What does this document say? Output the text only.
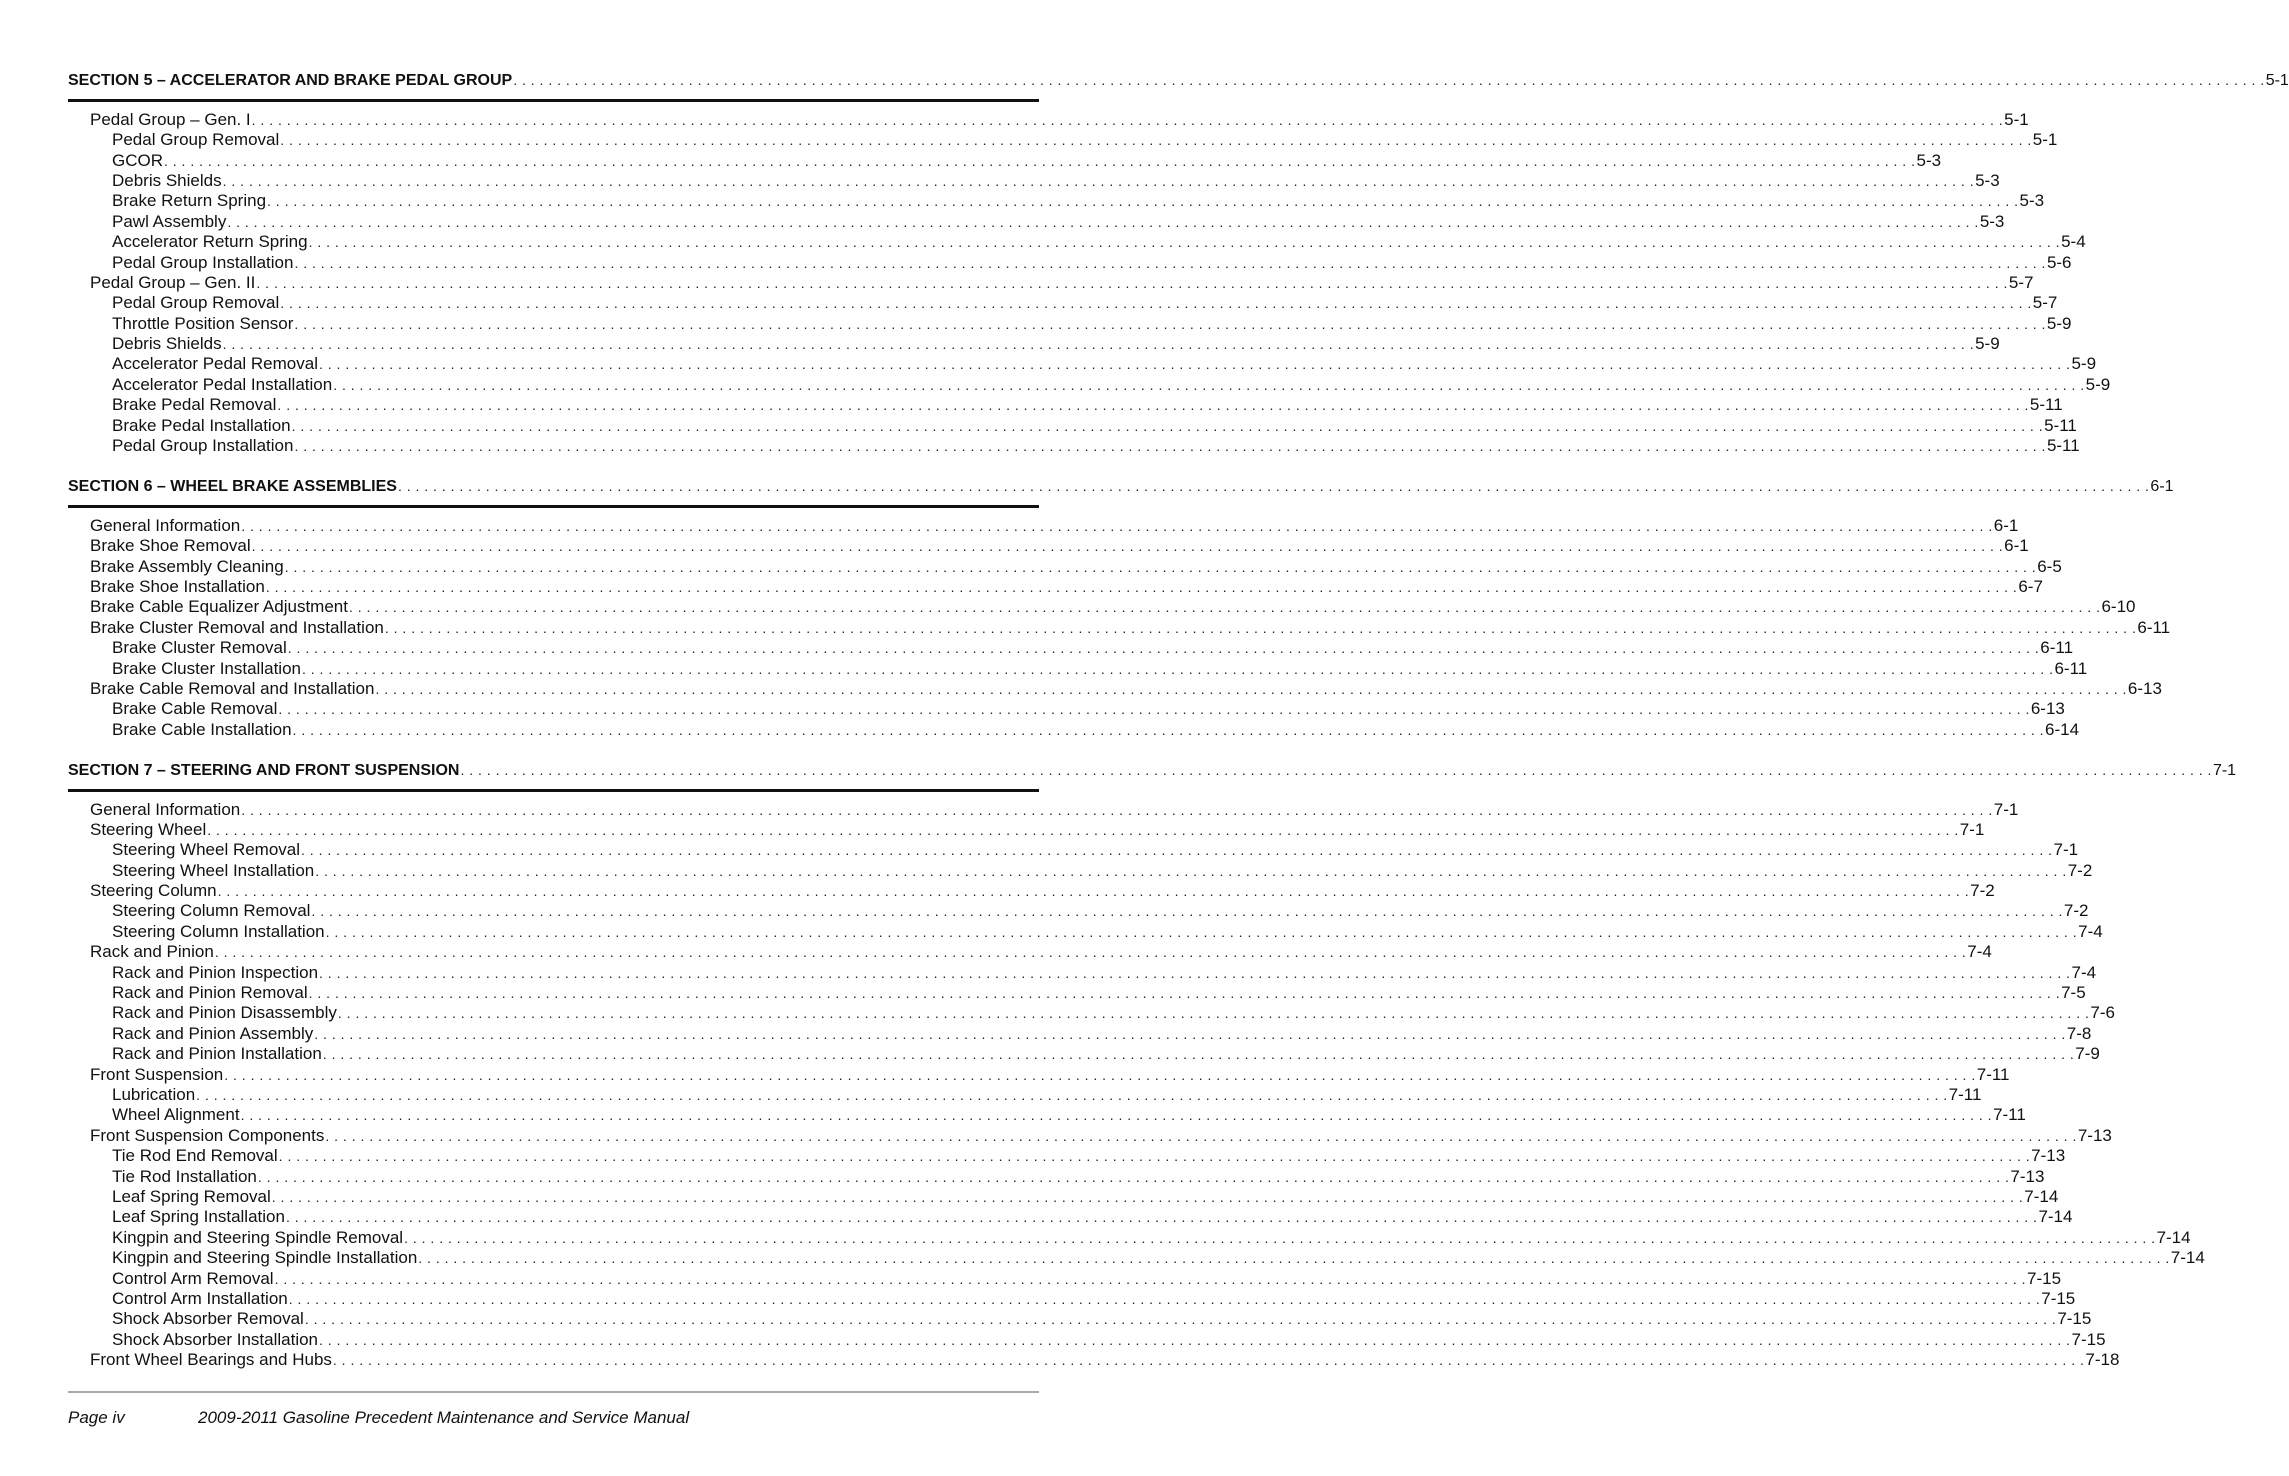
SECTION 5 – ACCELERATOR AND BRAKE PEDAL GROUP . . . . . . . . . . . . . . . . . . . . . . . . . . . . . . . . . . . . . . . . . . . . . . . . . . . . . . . . . . . . . . . . . . . . . . . . . . . . . . . . . . . . . . . . . . . . . . . . . . . . . . . . . . . . . . . . . . . . . . . . . . . . . . . . . . . . . . . . . . . . . . . . . . . . . . . . . . . . . . . . . . . . . . . . . . . . . . . . . . . . . . . . . . . . . . . . . . . . . . . . 5-1
Pedal Group – Gen. I . . . . . . . . . . . . . . . . . . . . . . . . . . . . . . . . . . . . . . . . . . . . . . . . . . . . . . . . . . . . . . . . . . . . . . . . . . . . . . . . . . . . . . . . . . . . . . . . . . . . . . . . . . . . . . . . . . . . . . . . . . . . . . . . . . . . . . . . . . . . . . . . . . . . . . . . . . . . . . . . . . . . . . . . . . . . . . . . . . . . . . . . . . . . . . . . . . . . . . . . 5-1
Pedal Group Removal . . . . . . . . . . . . . . . . . . . . . . . . . . . . . . . . . . . . . . . . . . . . . . . . . . . . . . . . . . . . . . . . . . . . . . . . . . . . . . . . . . . . . . . . . . . . . . . . . . . . . . . . . . . . . . . . . . . . . . . . . . . . . . . . . . . . . . . . . . . . . . . . . . . . . . . . . . . . . . . . . . . . . . . . . . . . . . . . . . . . . . . . . . . . . . . . . . . . . . . . 5-1
GCOR . . . . . . . . . . . . . . . . . . . . . . . . . . . . . . . . . . . . . . . . . . . . . . . . . . . . . . . . . . . . . . . . . . . . . . . . . . . . . . . . . . . . . . . . . . . . . . . . . . . . . . . . . . . . . . . . . . . . . . . . . . . . . . . . . . . . . . . . . . . . . . . . . . . . . . . . . . . . . . . . . . . . . . . . . . . . . . . . . . . . . . . . . . . . . . . . . . . . . . . . 5-3
Debris Shields . . . . . . . . . . . . . . . . . . . . . . . . . . . . . . . . . . . . . . . . . . . . . . . . . . . . . . . . . . . . . . . . . . . . . . . . . . . . . . . . . . . . . . . . . . . . . . . . . . . . . . . . . . . . . . . . . . . . . . . . . . . . . . . . . . . . . . . . . . . . . . . . . . . . . . . . . . . . . . . . . . . . . . . . . . . . . . . . . . . . . . . . . . . . . . . . . . . . . . . . 5-3
Brake Return Spring . . . . . . . . . . . . . . . . . . . . . . . . . . . . . . . . . . . . . . . . . . . . . . . . . . . . . . . . . . . . . . . . . . . . . . . . . . . . . . . . . . . . . . . . . . . . . . . . . . . . . . . . . . . . . . . . . . . . . . . . . . . . . . . . . . . . . . . . . . . . . . . . . . . . . . . . . . . . . . . . . . . . . . . . . . . . . . . . . . . . . . . . . . . . . . . . . . . . . . . . 5-3
Pawl Assembly . . . . . . . . . . . . . . . . . . . . . . . . . . . . . . . . . . . . . . . . . . . . . . . . . . . . . . . . . . . . . . . . . . . . . . . . . . . . . . . . . . . . . . . . . . . . . . . . . . . . . . . . . . . . . . . . . . . . . . . . . . . . . . . . . . . . . . . . . . . . . . . . . . . . . . . . . . . . . . . . . . . . . . . . . . . . . . . . . . . . . . . . . . . . . . . . . . . . . . . . 5-3
Accelerator Return Spring . . . . . . . . . . . . . . . . . . . . . . . . . . . . . . . . . . . . . . . . . . . . . . . . . . . . . . . . . . . . . . . . . . . . . . . . . . . . . . . . . . . . . . . . . . . . . . . . . . . . . . . . . . . . . . . . . . . . . . . . . . . . . . . . . . . . . . . . . . . . . . . . . . . . . . . . . . . . . . . . . . . . . . . . . . . . . . . . . . . . . . . . . . . . . . . . . . . . . . . . 5-4
Pedal Group Installation . . . . . . . . . . . . . . . . . . . . . . . . . . . . . . . . . . . . . . . . . . . . . . . . . . . . . . . . . . . . . . . . . . . . . . . . . . . . . . . . . . . . . . . . . . . . . . . . . . . . . . . . . . . . . . . . . . . . . . . . . . . . . . . . . . . . . . . . . . . . . . . . . . . . . . . . . . . . . . . . . . . . . . . . . . . . . . . . . . . . . . . . . . . . . . . . . . . . . . . . 5-6
Pedal Group – Gen. II . . . . . . . . . . . . . . . . . . . . . . . . . . . . . . . . . . . . . . . . . . . . . . . . . . . . . . . . . . . . . . . . . . . . . . . . . . . . . . . . . . . . . . . . . . . . . . . . . . . . . . . . . . . . . . . . . . . . . . . . . . . . . . . . . . . . . . . . . . . . . . . . . . . . . . . . . . . . . . . . . . . . . . . . . . . . . . . . . . . . . . . . . . . . . . . . . . . . . . . . 5-7
Pedal Group Removal . . . . . . . . . . . . . . . . . . . . . . . . . . . . . . . . . . . . . . . . . . . . . . . . . . . . . . . . . . . . . . . . . . . . . . . . . . . . . . . . . . . . . . . . . . . . . . . . . . . . . . . . . . . . . . . . . . . . . . . . . . . . . . . . . . . . . . . . . . . . . . . . . . . . . . . . . . . . . . . . . . . . . . . . . . . . . . . . . . . . . . . . . . . . . . . . . . . . . . . . 5-7
Throttle Position Sensor . . . . . . . . . . . . . . . . . . . . . . . . . . . . . . . . . . . . . . . . . . . . . . . . . . . . . . . . . . . . . . . . . . . . . . . . . . . . . . . . . . . . . . . . . . . . . . . . . . . . . . . . . . . . . . . . . . . . . . . . . . . . . . . . . . . . . . . . . . . . . . . . . . . . . . . . . . . . . . . . . . . . . . . . . . . . . . . . . . . . . . . . . . . . . . . . . . . . . . . . 5-9
Debris Shields . . . . . . . . . . . . . . . . . . . . . . . . . . . . . . . . . . . . . . . . . . . . . . . . . . . . . . . . . . . . . . . . . . . . . . . . . . . . . . . . . . . . . . . . . . . . . . . . . . . . . . . . . . . . . . . . . . . . . . . . . . . . . . . . . . . . . . . . . . . . . . . . . . . . . . . . . . . . . . . . . . . . . . . . . . . . . . . . . . . . . . . . . . . . . . . . . . . . . . . . 5-9
Accelerator Pedal Removal . . . . . . . . . . . . . . . . . . . . . . . . . . . . . . . . . . . . . . . . . . . . . . . . . . . . . . . . . . . . . . . . . . . . . . . . . . . . . . . . . . . . . . . . . . . . . . . . . . . . . . . . . . . . . . . . . . . . . . . . . . . . . . . . . . . . . . . . . . . . . . . . . . . . . . . . . . . . . . . . . . . . . . . . . . . . . . . . . . . . . . . . . . . . . . . . . . . . . . . . 5-9
Accelerator Pedal Installation . . . . . . . . . . . . . . . . . . . . . . . . . . . . . . . . . . . . . . . . . . . . . . . . . . . . . . . . . . . . . . . . . . . . . . . . . . . . . . . . . . . . . . . . . . . . . . . . . . . . . . . . . . . . . . . . . . . . . . . . . . . . . . . . . . . . . . . . . . . . . . . . . . . . . . . . . . . . . . . . . . . . . . . . . . . . . . . . . . . . . . . . . . . . . . . . . . . . . . . . 5-9
Brake Pedal Removal . . . . . . . . . . . . . . . . . . . . . . . . . . . . . . . . . . . . . . . . . . . . . . . . . . . . . . . . . . . . . . . . . . . . . . . . . . . . . . . . . . . . . . . . . . . . . . . . . . . . . . . . . . . . . . . . . . . . . . . . . . . . . . . . . . . . . . . . . . . . . . . . . . . . . . . . . . . . . . . . . . . . . . . . . . . . . . . . . . . . . . . . . . . . . . . . . . . . . . . . 5-11
Brake Pedal Installation . . . . . . . . . . . . . . . . . . . . . . . . . . . . . . . . . . . . . . . . . . . . . . . . . . . . . . . . . . . . . . . . . . . . . . . . . . . . . . . . . . . . . . . . . . . . . . . . . . . . . . . . . . . . . . . . . . . . . . . . . . . . . . . . . . . . . . . . . . . . . . . . . . . . . . . . . . . . . . . . . . . . . . . . . . . . . . . . . . . . . . . . . . . . . . . . . . . . . . . . 5-11
Pedal Group Installation . . . . . . . . . . . . . . . . . . . . . . . . . . . . . . . . . . . . . . . . . . . . . . . . . . . . . . . . . . . . . . . . . . . . . . . . . . . . . . . . . . . . . . . . . . . . . . . . . . . . . . . . . . . . . . . . . . . . . . . . . . . . . . . . . . . . . . . . . . . . . . . . . . . . . . . . . . . . . . . . . . . . . . . . . . . . . . . . . . . . . . . . . . . . . . . . . . . . . . . . 5-11
SECTION 6 – WHEEL BRAKE ASSEMBLIES . . . . . . . . . . . . . . . . . . . . . . . . . . . . . . . . . . . . . . . . . . . . . . . . . . . . . . . . . . . . . . . . . . . . . . . . . . . . . . . . . . . . . . . . . . . . . . . . . . . . . . . . . . . . . . . . . . . . . . . . . . . . . . . . . . . . . . . . . . . . . . . . . . . . . . . . . . . . . . . . . . . . . . . . . . . . . . . . . . . . . . . . . . . . . . . . . . . . . . . . 6-1
General Information . . . . . . . . . . . . . . . . . . . . . . . . . . . . . . . . . . . . . . . . . . . . . . . . . . . . . . . . . . . . . . . . . . . . . . . . . . . . . . . . . . . . . . . . . . . . . . . . . . . . . . . . . . . . . . . . . . . . . . . . . . . . . . . . . . . . . . . . . . . . . . . . . . . . . . . . . . . . . . . . . . . . . . . . . . . . . . . . . . . . . . . . . . . . . . . . . . . . . . . . 6-1
Brake Shoe Removal . . . . . . . . . . . . . . . . . . . . . . . . . . . . . . . . . . . . . . . . . . . . . . . . . . . . . . . . . . . . . . . . . . . . . . . . . . . . . . . . . . . . . . . . . . . . . . . . . . . . . . . . . . . . . . . . . . . . . . . . . . . . . . . . . . . . . . . . . . . . . . . . . . . . . . . . . . . . . . . . . . . . . . . . . . . . . . . . . . . . . . . . . . . . . . . . . . . . . . . . 6-1
Brake Assembly Cleaning . . . . . . . . . . . . . . . . . . . . . . . . . . . . . . . . . . . . . . . . . . . . . . . . . . . . . . . . . . . . . . . . . . . . . . . . . . . . . . . . . . . . . . . . . . . . . . . . . . . . . . . . . . . . . . . . . . . . . . . . . . . . . . . . . . . . . . . . . . . . . . . . . . . . . . . . . . . . . . . . . . . . . . . . . . . . . . . . . . . . . . . . . . . . . . . . . . . . . . . . 6-5
Brake Shoe Installation . . . . . . . . . . . . . . . . . . . . . . . . . . . . . . . . . . . . . . . . . . . . . . . . . . . . . . . . . . . . . . . . . . . . . . . . . . . . . . . . . . . . . . . . . . . . . . . . . . . . . . . . . . . . . . . . . . . . . . . . . . . . . . . . . . . . . . . . . . . . . . . . . . . . . . . . . . . . . . . . . . . . . . . . . . . . . . . . . . . . . . . . . . . . . . . . . . . . . . . . 6-7
Brake Cable Equalizer Adjustment . . . . . . . . . . . . . . . . . . . . . . . . . . . . . . . . . . . . . . . . . . . . . . . . . . . . . . . . . . . . . . . . . . . . . . . . . . . . . . . . . . . . . . . . . . . . . . . . . . . . . . . . . . . . . . . . . . . . . . . . . . . . . . . . . . . . . . . . . . . . . . . . . . . . . . . . . . . . . . . . . . . . . . . . . . . . . . . . . . . . . . . . . . . . . . . . . . . . . . . . 6-10
Brake Cluster Removal and Installation . . . . . . . . . . . . . . . . . . . . . . . . . . . . . . . . . . . . . . . . . . . . . . . . . . . . . . . . . . . . . . . . . . . . . . . . . . . . . . . . . . . . . . . . . . . . . . . . . . . . . . . . . . . . . . . . . . . . . . . . . . . . . . . . . . . . . . . . . . . . . . . . . . . . . . . . . . . . . . . . . . . . . . . . . . . . . . . . . . . . . . . . . . . . . . . . . . . . . . . . 6-11
Brake Cluster Removal . . . . . . . . . . . . . . . . . . . . . . . . . . . . . . . . . . . . . . . . . . . . . . . . . . . . . . . . . . . . . . . . . . . . . . . . . . . . . . . . . . . . . . . . . . . . . . . . . . . . . . . . . . . . . . . . . . . . . . . . . . . . . . . . . . . . . . . . . . . . . . . . . . . . . . . . . . . . . . . . . . . . . . . . . . . . . . . . . . . . . . . . . . . . . . . . . . . . . . . . 6-11
Brake Cluster Installation . . . . . . . . . . . . . . . . . . . . . . . . . . . . . . . . . . . . . . . . . . . . . . . . . . . . . . . . . . . . . . . . . . . . . . . . . . . . . . . . . . . . . . . . . . . . . . . . . . . . . . . . . . . . . . . . . . . . . . . . . . . . . . . . . . . . . . . . . . . . . . . . . . . . . . . . . . . . . . . . . . . . . . . . . . . . . . . . . . . . . . . . . . . . . . . . . . . . . . . . 6-11
Brake Cable Removal and Installation . . . . . . . . . . . . . . . . . . . . . . . . . . . . . . . . . . . . . . . . . . . . . . . . . . . . . . . . . . . . . . . . . . . . . . . . . . . . . . . . . . . . . . . . . . . . . . . . . . . . . . . . . . . . . . . . . . . . . . . . . . . . . . . . . . . . . . . . . . . . . . . . . . . . . . . . . . . . . . . . . . . . . . . . . . . . . . . . . . . . . . . . . . . . . . . . . . . . . . . . 6-13
Brake Cable Removal . . . . . . . . . . . . . . . . . . . . . . . . . . . . . . . . . . . . . . . . . . . . . . . . . . . . . . . . . . . . . . . . . . . . . . . . . . . . . . . . . . . . . . . . . . . . . . . . . . . . . . . . . . . . . . . . . . . . . . . . . . . . . . . . . . . . . . . . . . . . . . . . . . . . . . . . . . . . . . . . . . . . . . . . . . . . . . . . . . . . . . . . . . . . . . . . . . . . . . . . 6-13
Brake Cable Installation . . . . . . . . . . . . . . . . . . . . . . . . . . . . . . . . . . . . . . . . . . . . . . . . . . . . . . . . . . . . . . . . . . . . . . . . . . . . . . . . . . . . . . . . . . . . . . . . . . . . . . . . . . . . . . . . . . . . . . . . . . . . . . . . . . . . . . . . . . . . . . . . . . . . . . . . . . . . . . . . . . . . . . . . . . . . . . . . . . . . . . . . . . . . . . . . . . . . . . . . 6-14
SECTION 7 – STEERING AND FRONT SUSPENSION . . . . . . . . . . . . . . . . . . . . . . . . . . . . . . . . . . . . . . . . . . . . . . . . . . . . . . . . . . . . . . . . . . . . . . . . . . . . . . . . . . . . . . . . . . . . . . . . . . . . . . . . . . . . . . . . . . . . . . . . . . . . . . . . . . . . . . . . . . . . . . . . . . . . . . . . . . . . . . . . . . . . . . . . . . . . . . . . . . . . . . . . . . . . . . . . . . . . . . . . 7-1
General Information . . . . . . . . . . . . . . . . . . . . . . . . . . . . . . . . . . . . . . . . . . . . . . . . . . . . . . . . . . . . . . . . . . . . . . . . . . . . . . . . . . . . . . . . . . . . . . . . . . . . . . . . . . . . . . . . . . . . . . . . . . . . . . . . . . . . . . . . . . . . . . . . . . . . . . . . . . . . . . . . . . . . . . . . . . . . . . . . . . . . . . . . . . . . . . . . . . . . . . . . 7-1
Steering Wheel . . . . . . . . . . . . . . . . . . . . . . . . . . . . . . . . . . . . . . . . . . . . . . . . . . . . . . . . . . . . . . . . . . . . . . . . . . . . . . . . . . . . . . . . . . . . . . . . . . . . . . . . . . . . . . . . . . . . . . . . . . . . . . . . . . . . . . . . . . . . . . . . . . . . . . . . . . . . . . . . . . . . . . . . . . . . . . . . . . . . . . . . . . . . . . . . . . . . . . . . 7-1
Steering Wheel Removal . . . . . . . . . . . . . . . . . . . . . . . . . . . . . . . . . . . . . . . . . . . . . . . . . . . . . . . . . . . . . . . . . . . . . . . . . . . . . . . . . . . . . . . . . . . . . . . . . . . . . . . . . . . . . . . . . . . . . . . . . . . . . . . . . . . . . . . . . . . . . . . . . . . . . . . . . . . . . . . . . . . . . . . . . . . . . . . . . . . . . . . . . . . . . . . . . . . . . . . . 7-1
Steering Wheel Installation . . . . . . . . . . . . . . . . . . . . . . . . . . . . . . . . . . . . . . . . . . . . . . . . . . . . . . . . . . . . . . . . . . . . . . . . . . . . . . . . . . . . . . . . . . . . . . . . . . . . . . . . . . . . . . . . . . . . . . . . . . . . . . . . . . . . . . . . . . . . . . . . . . . . . . . . . . . . . . . . . . . . . . . . . . . . . . . . . . . . . . . . . . . . . . . . . . . . . . . . 7-2
Steering Column . . . . . . . . . . . . . . . . . . . . . . . . . . . . . . . . . . . . . . . . . . . . . . . . . . . . . . . . . . . . . . . . . . . . . . . . . . . . . . . . . . . . . . . . . . . . . . . . . . . . . . . . . . . . . . . . . . . . . . . . . . . . . . . . . . . . . . . . . . . . . . . . . . . . . . . . . . . . . . . . . . . . . . . . . . . . . . . . . . . . . . . . . . . . . . . . . . . . . . . . 7-2
Steering Column Removal . . . . . . . . . . . . . . . . . . . . . . . . . . . . . . . . . . . . . . . . . . . . . . . . . . . . . . . . . . . . . . . . . . . . . . . . . . . . . . . . . . . . . . . . . . . . . . . . . . . . . . . . . . . . . . . . . . . . . . . . . . . . . . . . . . . . . . . . . . . . . . . . . . . . . . . . . . . . . . . . . . . . . . . . . . . . . . . . . . . . . . . . . . . . . . . . . . . . . . . . 7-2
Steering Column Installation . . . . . . . . . . . . . . . . . . . . . . . . . . . . . . . . . . . . . . . . . . . . . . . . . . . . . . . . . . . . . . . . . . . . . . . . . . . . . . . . . . . . . . . . . . . . . . . . . . . . . . . . . . . . . . . . . . . . . . . . . . . . . . . . . . . . . . . . . . . . . . . . . . . . . . . . . . . . . . . . . . . . . . . . . . . . . . . . . . . . . . . . . . . . . . . . . . . . . . . . 7-4
Rack and Pinion . . . . . . . . . . . . . . . . . . . . . . . . . . . . . . . . . . . . . . . . . . . . . . . . . . . . . . . . . . . . . . . . . . . . . . . . . . . . . . . . . . . . . . . . . . . . . . . . . . . . . . . . . . . . . . . . . . . . . . . . . . . . . . . . . . . . . . . . . . . . . . . . . . . . . . . . . . . . . . . . . . . . . . . . . . . . . . . . . . . . . . . . . . . . . . . . . . . . . . . . 7-4
Rack and Pinion Inspection . . . . . . . . . . . . . . . . . . . . . . . . . . . . . . . . . . . . . . . . . . . . . . . . . . . . . . . . . . . . . . . . . . . . . . . . . . . . . . . . . . . . . . . . . . . . . . . . . . . . . . . . . . . . . . . . . . . . . . . . . . . . . . . . . . . . . . . . . . . . . . . . . . . . . . . . . . . . . . . . . . . . . . . . . . . . . . . . . . . . . . . . . . . . . . . . . . . . . . . . 7-4
Rack and Pinion Removal . . . . . . . . . . . . . . . . . . . . . . . . . . . . . . . . . . . . . . . . . . . . . . . . . . . . . . . . . . . . . . . . . . . . . . . . . . . . . . . . . . . . . . . . . . . . . . . . . . . . . . . . . . . . . . . . . . . . . . . . . . . . . . . . . . . . . . . . . . . . . . . . . . . . . . . . . . . . . . . . . . . . . . . . . . . . . . . . . . . . . . . . . . . . . . . . . . . . . . . . 7-5
Rack and Pinion Disassembly . . . . . . . . . . . . . . . . . . . . . . . . . . . . . . . . . . . . . . . . . . . . . . . . . . . . . . . . . . . . . . . . . . . . . . . . . . . . . . . . . . . . . . . . . . . . . . . . . . . . . . . . . . . . . . . . . . . . . . . . . . . . . . . . . . . . . . . . . . . . . . . . . . . . . . . . . . . . . . . . . . . . . . . . . . . . . . . . . . . . . . . . . . . . . . . . . . . . . . . . 7-6
Rack and Pinion Assembly . . . . . . . . . . . . . . . . . . . . . . . . . . . . . . . . . . . . . . . . . . . . . . . . . . . . . . . . . . . . . . . . . . . . . . . . . . . . . . . . . . . . . . . . . . . . . . . . . . . . . . . . . . . . . . . . . . . . . . . . . . . . . . . . . . . . . . . . . . . . . . . . . . . . . . . . . . . . . . . . . . . . . . . . . . . . . . . . . . . . . . . . . . . . . . . . . . . . . . . . 7-8
Rack and Pinion Installation . . . . . . . . . . . . . . . . . . . . . . . . . . . . . . . . . . . . . . . . . . . . . . . . . . . . . . . . . . . . . . . . . . . . . . . . . . . . . . . . . . . . . . . . . . . . . . . . . . . . . . . . . . . . . . . . . . . . . . . . . . . . . . . . . . . . . . . . . . . . . . . . . . . . . . . . . . . . . . . . . . . . . . . . . . . . . . . . . . . . . . . . . . . . . . . . . . . . . . . . 7-9
Front Suspension . . . . . . . . . . . . . . . . . . . . . . . . . . . . . . . . . . . . . . . . . . . . . . . . . . . . . . . . . . . . . . . . . . . . . . . . . . . . . . . . . . . . . . . . . . . . . . . . . . . . . . . . . . . . . . . . . . . . . . . . . . . . . . . . . . . . . . . . . . . . . . . . . . . . . . . . . . . . . . . . . . . . . . . . . . . . . . . . . . . . . . . . . . . . . . . . . . . . . . . . 7-11
Lubrication . . . . . . . . . . . . . . . . . . . . . . . . . . . . . . . . . . . . . . . . . . . . . . . . . . . . . . . . . . . . . . . . . . . . . . . . . . . . . . . . . . . . . . . . . . . . . . . . . . . . . . . . . . . . . . . . . . . . . . . . . . . . . . . . . . . . . . . . . . . . . . . . . . . . . . . . . . . . . . . . . . . . . . . . . . . . . . . . . . . . . . . . . . . . . . . . . . . . . . . . 7-11
Wheel Alignment . . . . . . . . . . . . . . . . . . . . . . . . . . . . . . . . . . . . . . . . . . . . . . . . . . . . . . . . . . . . . . . . . . . . . . . . . . . . . . . . . . . . . . . . . . . . . . . . . . . . . . . . . . . . . . . . . . . . . . . . . . . . . . . . . . . . . . . . . . . . . . . . . . . . . . . . . . . . . . . . . . . . . . . . . . . . . . . . . . . . . . . . . . . . . . . . . . . . . . . . 7-11
Front Suspension Components . . . . . . . . . . . . . . . . . . . . . . . . . . . . . . . . . . . . . . . . . . . . . . . . . . . . . . . . . . . . . . . . . . . . . . . . . . . . . . . . . . . . . . . . . . . . . . . . . . . . . . . . . . . . . . . . . . . . . . . . . . . . . . . . . . . . . . . . . . . . . . . . . . . . . . . . . . . . . . . . . . . . . . . . . . . . . . . . . . . . . . . . . . . . . . . . . . . . . . . . 7-13
Tie Rod End Removal . . . . . . . . . . . . . . . . . . . . . . . . . . . . . . . . . . . . . . . . . . . . . . . . . . . . . . . . . . . . . . . . . . . . . . . . . . . . . . . . . . . . . . . . . . . . . . . . . . . . . . . . . . . . . . . . . . . . . . . . . . . . . . . . . . . . . . . . . . . . . . . . . . . . . . . . . . . . . . . . . . . . . . . . . . . . . . . . . . . . . . . . . . . . . . . . . . . . . . . . 7-13
Tie Rod Installation . . . . . . . . . . . . . . . . . . . . . . . . . . . . . . . . . . . . . . . . . . . . . . . . . . . . . . . . . . . . . . . . . . . . . . . . . . . . . . . . . . . . . . . . . . . . . . . . . . . . . . . . . . . . . . . . . . . . . . . . . . . . . . . . . . . . . . . . . . . . . . . . . . . . . . . . . . . . . . . . . . . . . . . . . . . . . . . . . . . . . . . . . . . . . . . . . . . . . . . . 7-13
Leaf Spring Removal . . . . . . . . . . . . . . . . . . . . . . . . . . . . . . . . . . . . . . . . . . . . . . . . . . . . . . . . . . . . . . . . . . . . . . . . . . . . . . . . . . . . . . . . . . . . . . . . . . . . . . . . . . . . . . . . . . . . . . . . . . . . . . . . . . . . . . . . . . . . . . . . . . . . . . . . . . . . . . . . . . . . . . . . . . . . . . . . . . . . . . . . . . . . . . . . . . . . . . . . 7-14
Leaf Spring Installation . . . . . . . . . . . . . . . . . . . . . . . . . . . . . . . . . . . . . . . . . . . . . . . . . . . . . . . . . . . . . . . . . . . . . . . . . . . . . . . . . . . . . . . . . . . . . . . . . . . . . . . . . . . . . . . . . . . . . . . . . . . . . . . . . . . . . . . . . . . . . . . . . . . . . . . . . . . . . . . . . . . . . . . . . . . . . . . . . . . . . . . . . . . . . . . . . . . . . . . . 7-14
Kingpin and Steering Spindle Removal . . . . . . . . . . . . . . . . . . . . . . . . . . . . . . . . . . . . . . . . . . . . . . . . . . . . . . . . . . . . . . . . . . . . . . . . . . . . . . . . . . . . . . . . . . . . . . . . . . . . . . . . . . . . . . . . . . . . . . . . . . . . . . . . . . . . . . . . . . . . . . . . . . . . . . . . . . . . . . . . . . . . . . . . . . . . . . . . . . . . . . . . . . . . . . . . . . . . . . . . 7-14
Kingpin and Steering Spindle Installation . . . . . . . . . . . . . . . . . . . . . . . . . . . . . . . . . . . . . . . . . . . . . . . . . . . . . . . . . . . . . . . . . . . . . . . . . . . . . . . . . . . . . . . . . . . . . . . . . . . . . . . . . . . . . . . . . . . . . . . . . . . . . . . . . . . . . . . . . . . . . . . . . . . . . . . . . . . . . . . . . . . . . . . . . . . . . . . . . . . . . . . . . . . . . . . . . . . . . . . . 7-14
Control Arm Removal . . . . . . . . . . . . . . . . . . . . . . . . . . . . . . . . . . . . . . . . . . . . . . . . . . . . . . . . . . . . . . . . . . . . . . . . . . . . . . . . . . . . . . . . . . . . . . . . . . . . . . . . . . . . . . . . . . . . . . . . . . . . . . . . . . . . . . . . . . . . . . . . . . . . . . . . . . . . . . . . . . . . . . . . . . . . . . . . . . . . . . . . . . . . . . . . . . . . . . . . 7-15
Control Arm Installation . . . . . . . . . . . . . . . . . . . . . . . . . . . . . . . . . . . . . . . . . . . . . . . . . . . . . . . . . . . . . . . . . . . . . . . . . . . . . . . . . . . . . . . . . . . . . . . . . . . . . . . . . . . . . . . . . . . . . . . . . . . . . . . . . . . . . . . . . . . . . . . . . . . . . . . . . . . . . . . . . . . . . . . . . . . . . . . . . . . . . . . . . . . . . . . . . . . . . . . . 7-15
Shock Absorber Removal . . . . . . . . . . . . . . . . . . . . . . . . . . . . . . . . . . . . . . . . . . . . . . . . . . . . . . . . . . . . . . . . . . . . . . . . . . . . . . . . . . . . . . . . . . . . . . . . . . . . . . . . . . . . . . . . . . . . . . . . . . . . . . . . . . . . . . . . . . . . . . . . . . . . . . . . . . . . . . . . . . . . . . . . . . . . . . . . . . . . . . . . . . . . . . . . . . . . . . . . 7-15
Shock Absorber Installation . . . . . . . . . . . . . . . . . . . . . . . . . . . . . . . . . . . . . . . . . . . . . . . . . . . . . . . . . . . . . . . . . . . . . . . . . . . . . . . . . . . . . . . . . . . . . . . . . . . . . . . . . . . . . . . . . . . . . . . . . . . . . . . . . . . . . . . . . . . . . . . . . . . . . . . . . . . . . . . . . . . . . . . . . . . . . . . . . . . . . . . . . . . . . . . . . . . . . . . . 7-15
Front Wheel Bearings and Hubs . . . . . . . . . . . . . . . . . . . . . . . . . . . . . . . . . . . . . . . . . . . . . . . . . . . . . . . . . . . . . . . . . . . . . . . . . . . . . . . . . . . . . . . . . . . . . . . . . . . . . . . . . . . . . . . . . . . . . . . . . . . . . . . . . . . . . . . . . . . . . . . . . . . . . . . . . . . . . . . . . . . . . . . . . . . . . . . . . . . . . . . . . . . . . . . . . . . . . . . . 7-18
Page iv	2009-2011 Gasoline Precedent Maintenance and Service Manual
